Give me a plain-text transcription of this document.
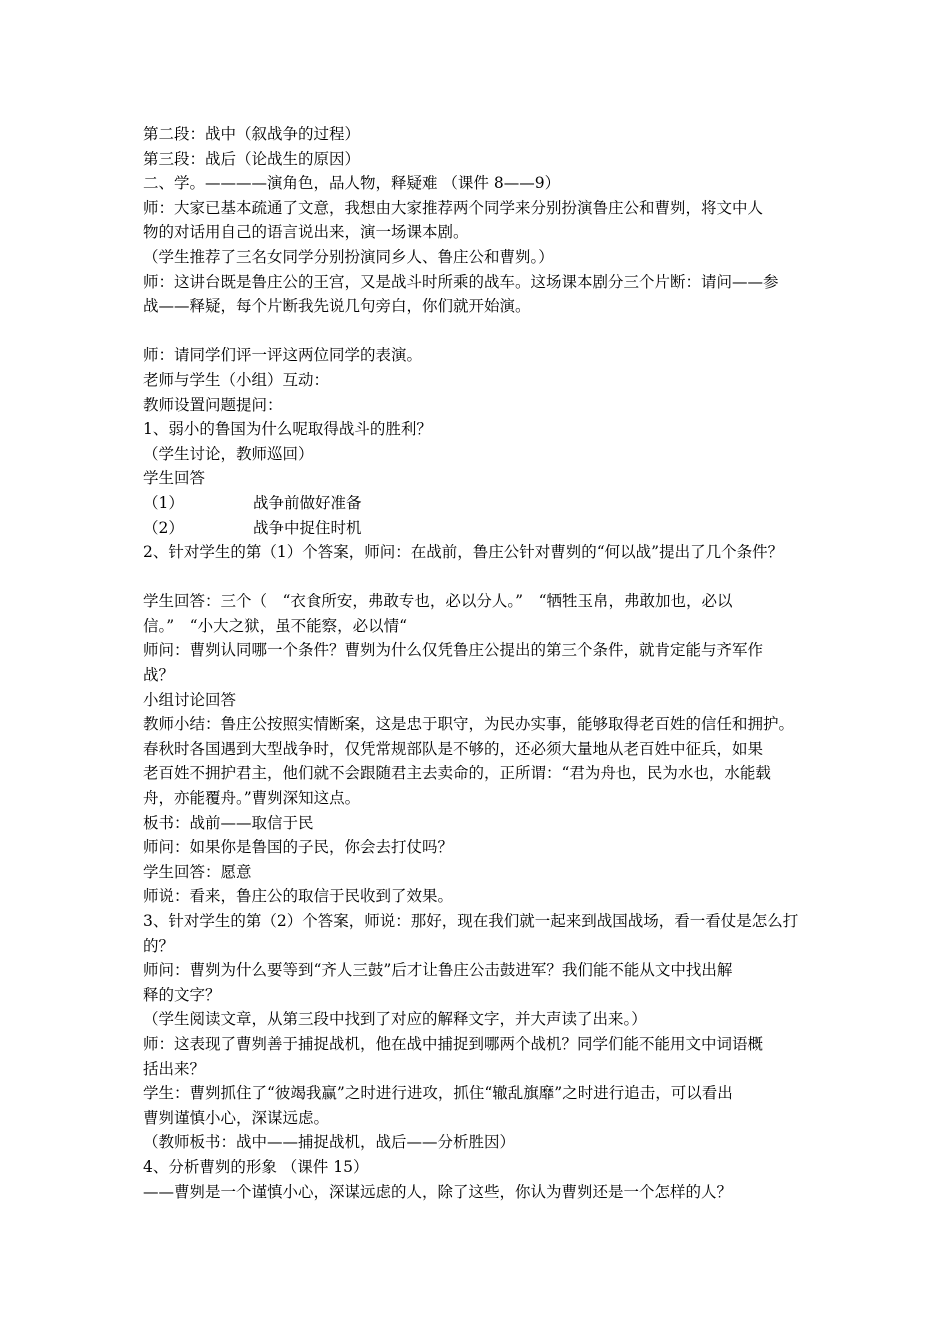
第二段：战中（叙战争的过程）
第三段：战后（论战生的原因）
二、学。————演角色，品人物，释疑难 （课件 8——9）
师：大家已基本疏通了文意，我想由大家推荐两个同学来分别扮演鲁庄公和曹刿，将文中人
物的对话用自己的语言说出来，演一场课本剧。
（学生推荐了三名女同学分别扮演同乡人、鲁庄公和曹刿。）
师：这讲台既是鲁庄公的王宫，又是战斗时所乘的战车。这场课本剧分三个片断：请问——参
战——释疑，每个片断我先说几句旁白，你们就开始演。
师：请同学们评一评这两位同学的表演。
老师与学生（小组）互动：
教师设置问题提问：
1、弱小的鲁国为什么呢取得战斗的胜利？
（学生讨论，教师巡回）
学生回答
（1）	战争前做好准备
（2）	战争中捉住时机
2、针对学生的第（1）个答案，师问：在战前，鲁庄公针对曹刿的“何以战”提出了几个条件？
学生回答：三个（　“衣食所安，弗敢专也，必以分人。”　“牺牲玉帛，弗敢加也，必以
信。”　“小大之狱，虽不能察，必以情“
师问：曹刿认同哪一个条件？曹刿为什么仅凭鲁庄公提出的第三个条件，就肯定能与齐军作
战？
小组讨论回答
教师小结：鲁庄公按照实情断案，这是忠于职守，为民办实事，能够取得老百姓的信任和拥护。
春秋时各国遇到大型战争时，仅凭常规部队是不够的，还必须大量地从老百姓中征兵，如果
老百姓不拥护君主，他们就不会跟随君主去卖命的，正所谓：“君为舟也，民为水也，水能载
舟，亦能覆舟。”曹刿深知这点。
板书：战前——取信于民
师问：如果你是鲁国的子民，你会去打仗吗？
学生回答：愿意
师说：看来，鲁庄公的取信于民收到了效果。
3、针对学生的第（2）个答案，师说：那好，现在我们就一起来到战国战场，看一看仗是怎么打
的？
师问：曹刿为什么要等到“齐人三鼓”后才让鲁庄公击鼓进军？我们能不能从文中找出解
释的文字？
（学生阅读文章，从第三段中找到了对应的解释文字，并大声读了出来。）
师：这表现了曹刿善于捕捉战机，他在战中捕捉到哪两个战机？同学们能不能用文中词语概
括出来？
学生：曹刿抓住了“彼竭我赢”之时进行进攻，抓住“辙乱旗靡”之时进行追击，可以看出
曹刿谨慎小心，深谋远虑。
（教师板书：战中——捕捉战机，战后——分析胜因）
4、分析曹刿的形象 （课件 15）
——曹刿是一个谨慎小心，深谋远虑的人，除了这些，你认为曹刿还是一个怎样的人？
